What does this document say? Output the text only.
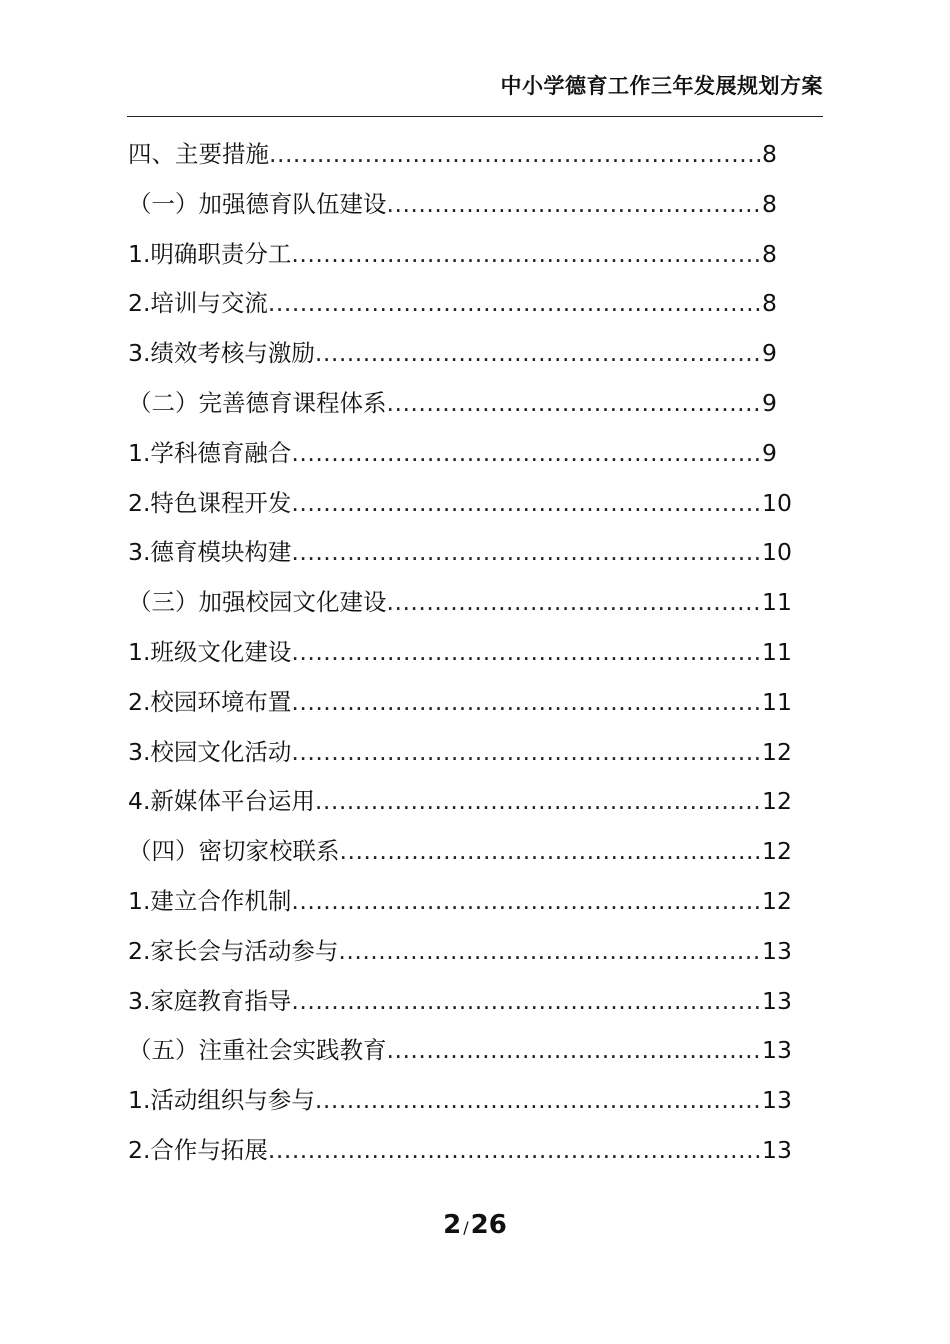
中小学德育工作三年发展规划方案
四、主要措施 .....	8
（一）加强德育队伍建设 .....	8
1.明确职责分工 .....	8
2.培训与交流 .....	8
3.绩效考核与激励 .....	9
（二）完善德育课程体系 .....	9
1.学科德育融合 .....	9
2.特色课程开发 .....	10
3.德育模块构建 .....	10
（三）加强校园文化建设 .....	11
1.班级文化建设 .....	11
2.校园环境布置 .....	11
3.校园文化活动 .....	12
4.新媒体平台运用 .....	12
（四）密切家校联系 .....	12
1.建立合作机制 .....	12
2.家长会与活动参与 .....	13
3.家庭教育指导 .....	13
（五）注重社会实践教育 .....	13
1.活动组织与参与 .....	13
2.合作与拓展 .....	13
2 /26
